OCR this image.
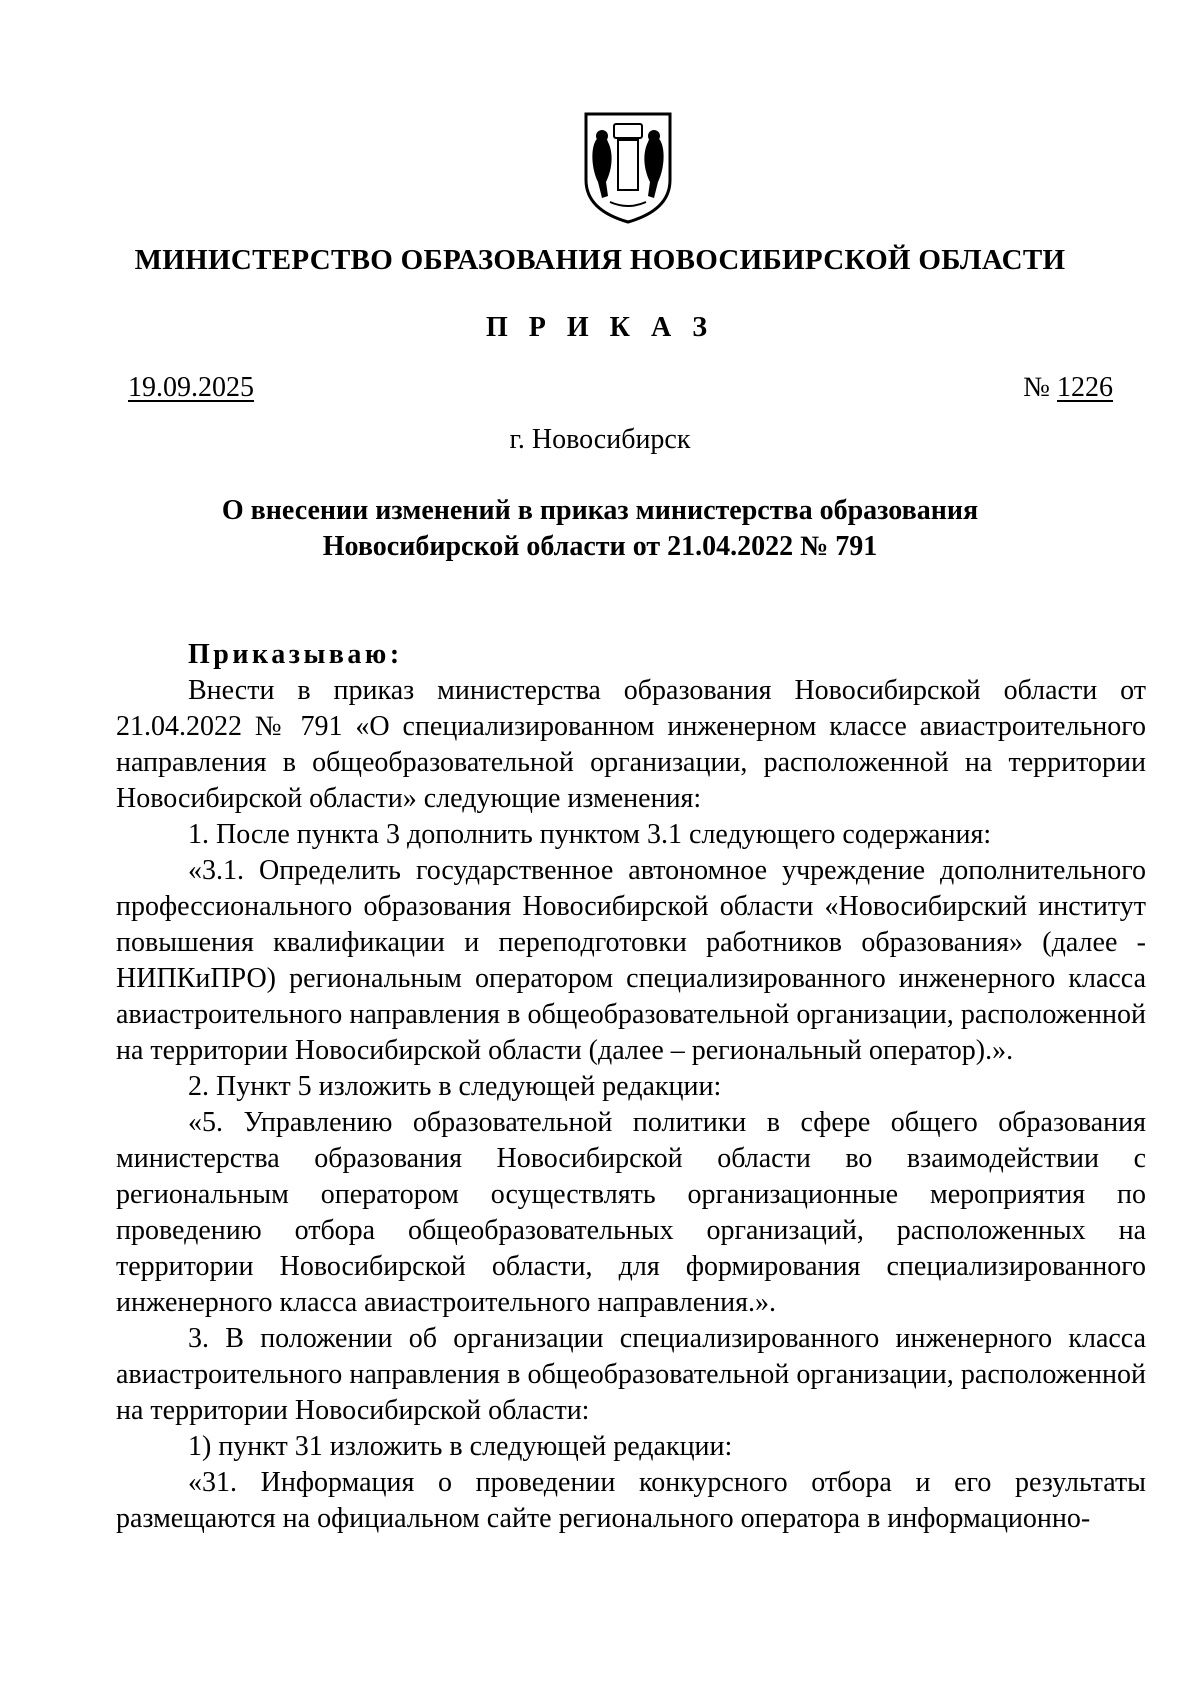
МИНИСТЕРСТВО ОБРАЗОВАНИЯ НОВОСИБИРСКОЙ ОБЛАСТИ
П Р И К А З
19.09.2025	№ 1226
г. Новосибирск
О внесении изменений в приказ министерства образования
Новосибирской области от 21.04.2022 № 791
Приказываю:

Внести в приказ министерства образования Новосибирской области от 21.04.2022 № 791 «О специализированном инженерном классе авиастроительного направления в общеобразовательной организации, расположенной на территории Новосибирской области» следующие изменения:

1. После пункта 3 дополнить пунктом 3.1 следующего содержания:

«3.1. Определить государственное автономное учреждение дополнительного профессионального образования Новосибирской области «Новосибирский институт повышения квалификации и переподготовки работников образования» (далее - НИПКиПРО) региональным оператором специализированного инженерного класса авиастроительного направления в общеобразовательной организации, расположенной на территории Новосибирской области (далее – региональный оператор).».

2. Пункт 5 изложить в следующей редакции:

«5. Управлению образовательной политики в сфере общего образования министерства образования Новосибирской области во взаимодействии с региональным оператором осуществлять организационные мероприятия по проведению отбора общеобразовательных организаций, расположенных на территории Новосибирской области, для формирования специализированного инженерного класса авиастроительного направления.».

3. В положении об организации специализированного инженерного класса авиастроительного направления в общеобразовательной организации, расположенной на территории Новосибирской области:

1) пункт 31 изложить в следующей редакции:

«31. Информация о проведении конкурсного отбора и его результаты размещаются на официальном сайте регионального оператора в информационно-
